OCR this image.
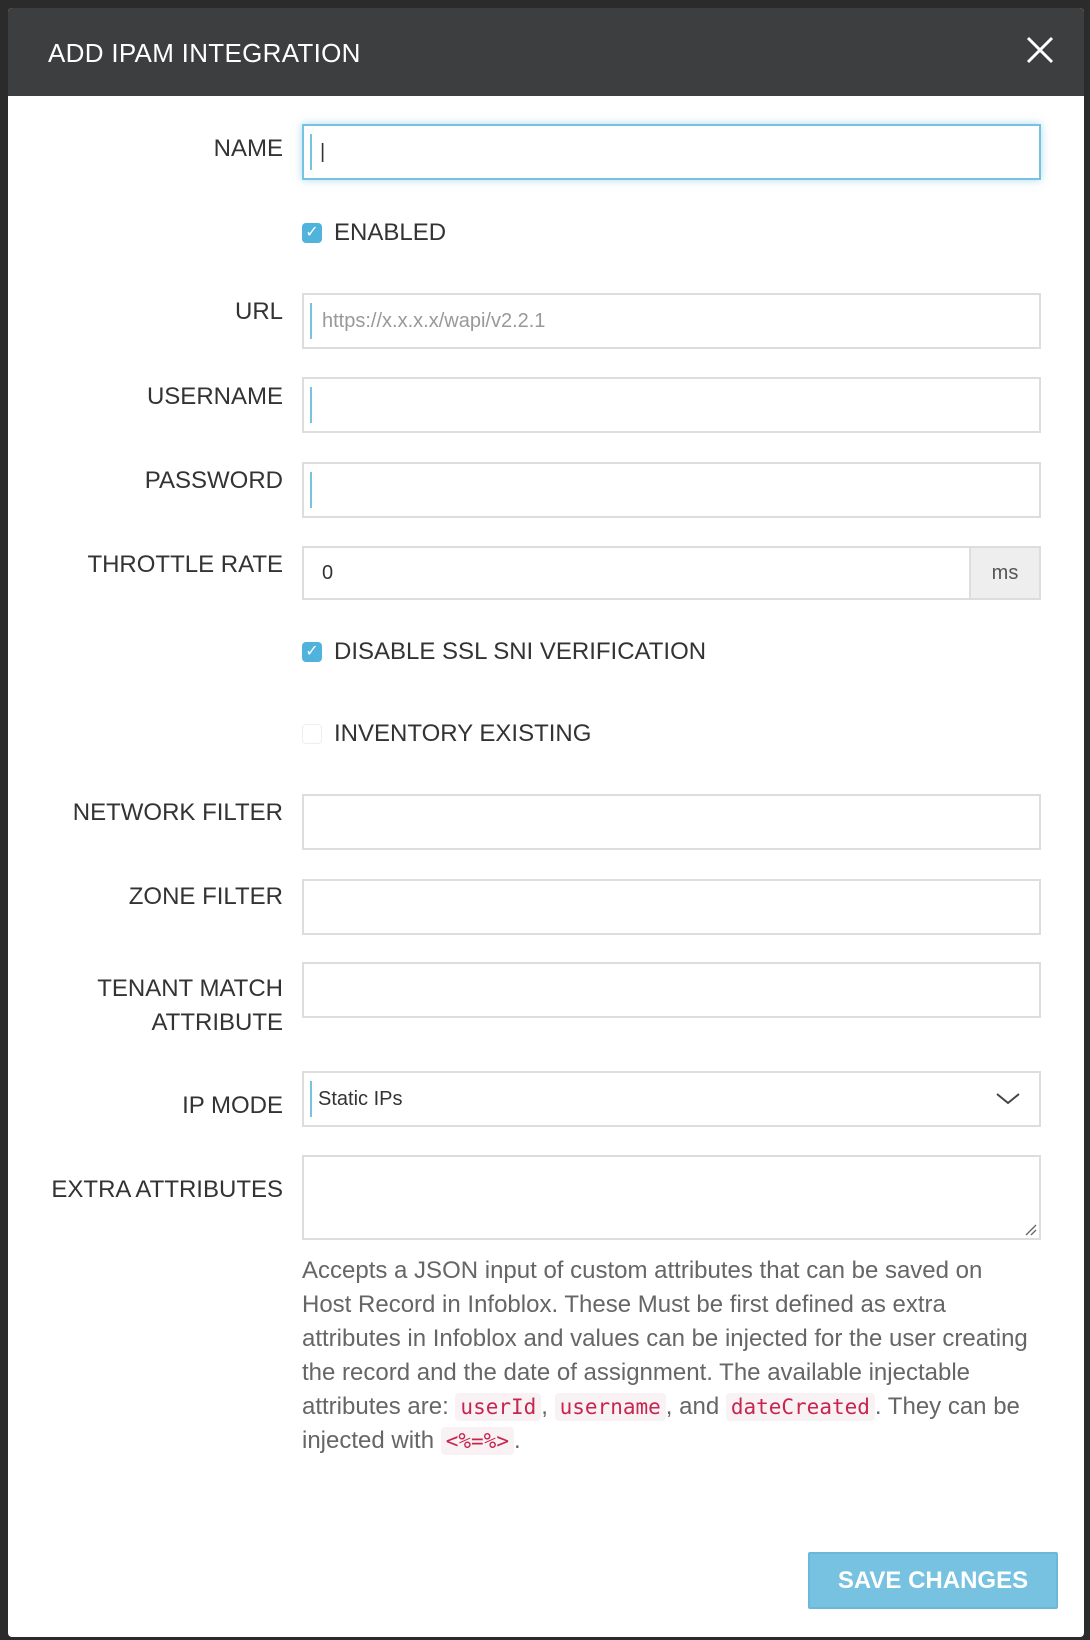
ADD IPAM INTEGRATION
NAME |
✓ ENABLED
URL https://x.x.x.x/wapi/v2.2.1
USERNAME
PASSWORD
THROTTLE RATE 0	ms
✓ DISABLE SSL SNI VERIFICATION
INVENTORY EXISTING
NETWORK FILTER
ZONE FILTER
TENANT MATCH
ATTRIBUTE
IP MODE Static IPs
EXTRA ATTRIBUTES
Accepts a JSON input of custom attributes that can be saved on Host Record in Infoblox. These Must be first defined as extra attributes in Infoblox and values can be injected for the user creating the record and the date of assignment. The available injectable attributes are: userId , username , and dateCreated . They can be injected with <%=%> .
SAVE CHANGES
